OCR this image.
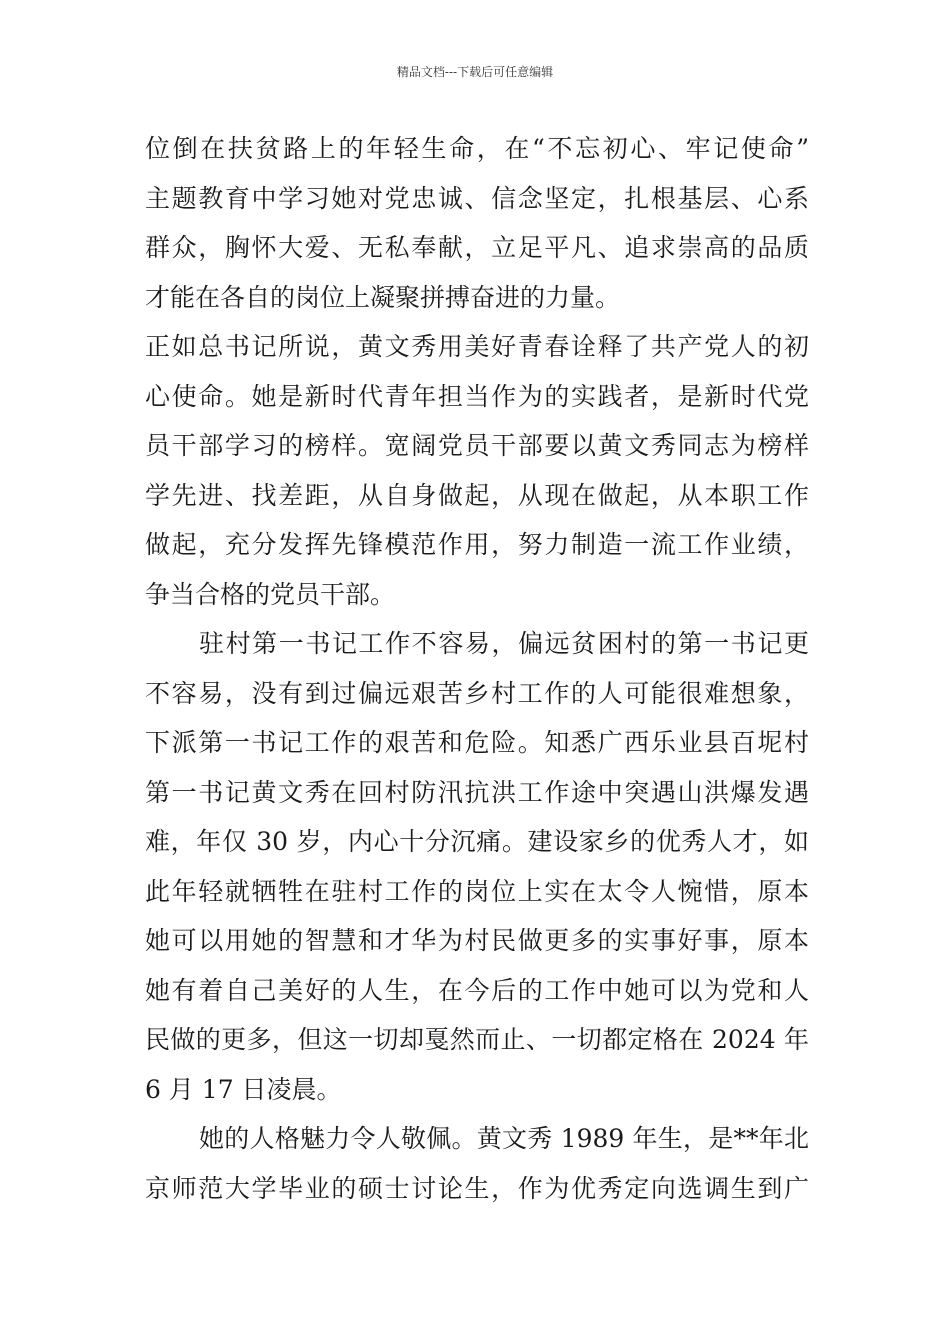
精品文档---下载后可任意编辑
位倒在扶贫路上的年轻生命，在“不忘初心、牢记使命”
主题教育中学习她对党忠诚、信念坚定，扎根基层、心系
群众，胸怀大爱、无私奉献，立足平凡、追求崇高的品质
才能在各自的岗位上凝聚拼搏奋进的力量。
正如总书记所说，黄文秀用美好青春诠释了共产党人的初
心使命。她是新时代青年担当作为的实践者，是新时代党
员干部学习的榜样。宽阔党员干部要以黄文秀同志为榜样
学先进、找差距，从自身做起，从现在做起，从本职工作
做起，充分发挥先锋模范作用，努力制造一流工作业绩，
争当合格的党员干部。
驻村第一书记工作不容易，偏远贫困村的第一书记更
不容易，没有到过偏远艰苦乡村工作的人可能很难想象，
下派第一书记工作的艰苦和危险。知悉广西乐业县百坭村
第一书记黄文秀在回村防汛抗洪工作途中突遇山洪爆发遇
难，年仅 30 岁，内心十分沉痛。建设家乡的优秀人才，如
此年轻就牺牲在驻村工作的岗位上实在太令人惋惜，原本
她可以用她的智慧和才华为村民做更多的实事好事，原本
她有着自己美好的人生，在今后的工作中她可以为党和人
民做的更多，但这一切却戛然而止、一切都定格在 2024 年
6 月 17 日凌晨。
她的人格魅力令人敬佩。黄文秀 1989 年生，是**年北
京师范大学毕业的硕士讨论生，作为优秀定向选调生到广
